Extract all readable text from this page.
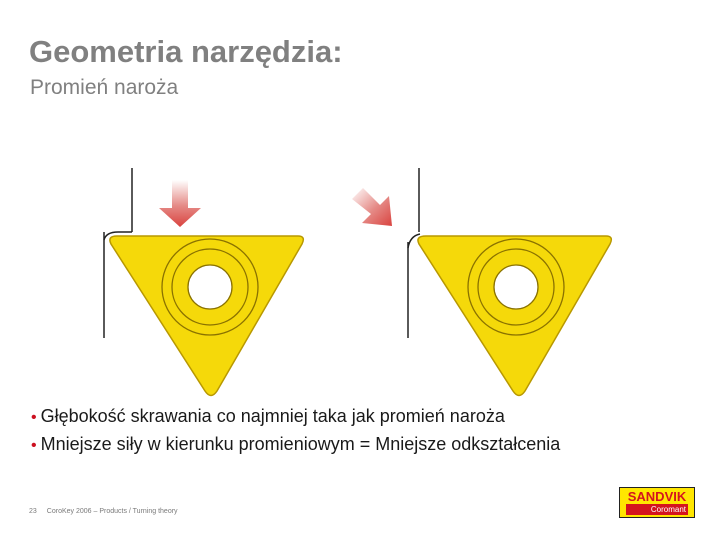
Geometria narzędzia:
Promień naroża
• Głębokość skrawania co najmniej taka jak promień naroża
• Mniejsze siły w kierunku promieniowym = Mniejsze odkształcenia
23 CoroKey 2006 – Products / Turning theory
SANDVIK
Coromant
